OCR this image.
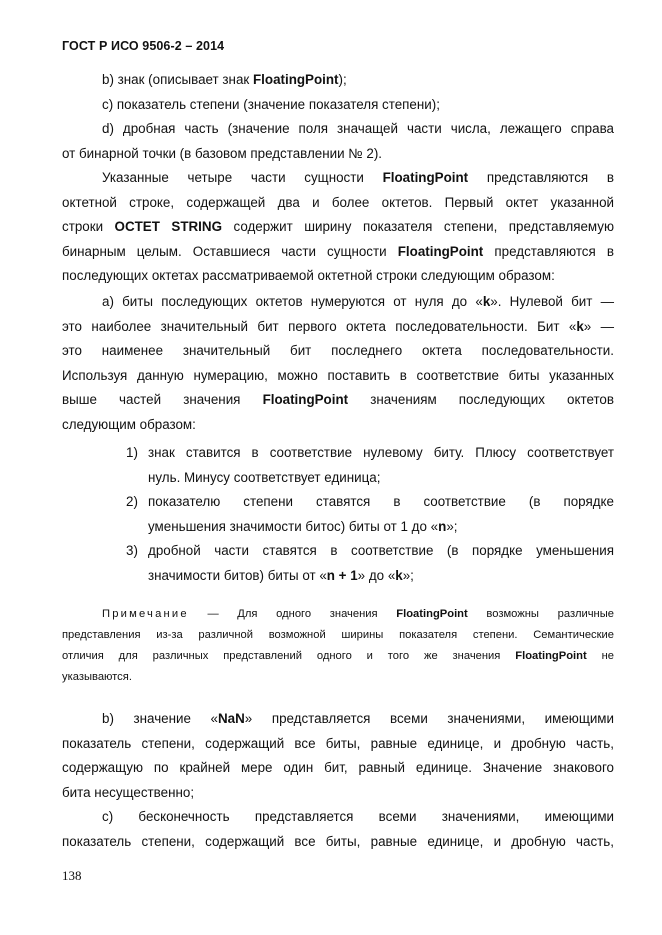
ГОСТ Р ИСО 9506-2 – 2014
b) знак (описывает знак FloatingPoint);
c) показатель степени (значение показателя степени);
d) дробная часть (значение поля значащей части числа, лежащего справа
от бинарной точки (в базовом представлении № 2).
Указанные четыре части сущности FloatingPoint представляются в
октетной строке, содержащей два и более октетов. Первый октет указанной
строки OCTET STRING содержит ширину показателя степени, представляемую
бинарным целым. Оставшиеся части сущности FloatingPoint представляются в
последующих октетах рассматриваемой октетной строки следующим образом:
a) биты последующих октетов нумеруются от нуля до «k». Нулевой бит —
это наиболее значительный бит первого октета последовательности. Бит «k» —
это наименее значительный бит последнего октета последовательности.
Используя данную нумерацию, можно поставить в соответствие биты указанных
выше частей значения FloatingPoint значениям последующих октетов
следующим образом:
1) знак ставится в соответствие нулевому биту. Плюсу соответствует
нуль. Минусу соответствует единица;
2) показателю степени ставятся в соответствие (в порядке
уменьшения значимости битос) биты от 1 до «n»;
3) дробной части ставятся в соответствие (в порядке уменьшения
значимости битов) биты от «n + 1» до «k»;
Примечание — Для одного значения FloatingPoint возможны различные
представления из-за различной возможной ширины показателя степени. Семантические
отличия для различных представлений одного и того же значения FloatingPoint не
указываются.
b) значение «NaN» представляется всеми значениями, имеющими
показатель степени, содержащий все биты, равные единице, и дробную часть,
содержащую по крайней мере один бит, равный единице. Значение знакового
бита несущественно;
c) бесконечность представляется всеми значениями, имеющими
показатель степени, содержащий все биты, равные единице, и дробную часть,
138
